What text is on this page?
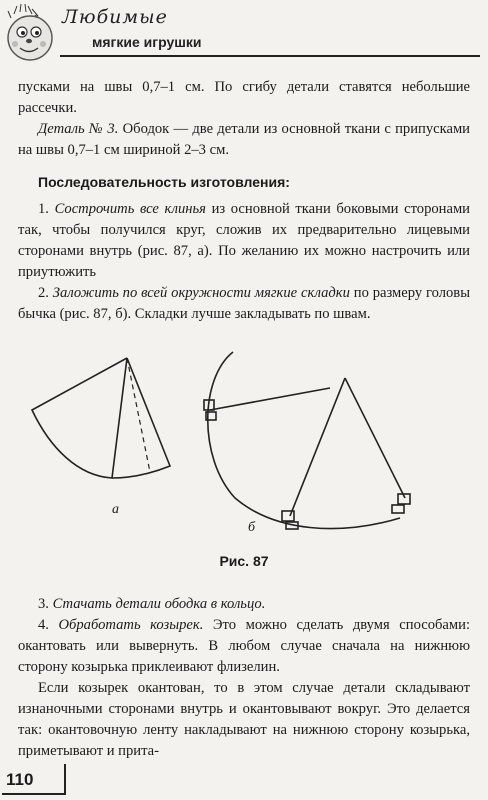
Любимые
мягкие игрушки

пусками на швы 0,7–1 см. По сгибу детали ставятся небольшие рассечки.

Деталь № 3. Ободок — две детали из основной ткани с припусками на швы 0,7–1 см шириной 2–3 см.

Последовательность изготовления:

1. Сострочить все клинья из основной ткани боковыми сторонами так, чтобы получился круг, сложив их предварительно лицевыми сторонами внутрь (рис. 87, а). По желанию их можно настрочить или приутюжить

2. Заложить по всей окружности мягкие складки по размеру головы бычка (рис. 87, б). Складки лучше закладывать по швам.

а
б
Рис. 87

3. Стачать детали ободка в кольцо.

4. Обработать козырек. Это можно сделать двумя способами: окантовать или вывернуть. В любом случае сначала на нижнюю сторону козырька приклеивают флизелин.

Если козырек окантован, то в этом случае детали складывают изнаночными сторонами внутрь и окантовывают вокруг. Это делается так: окантовочную ленту накладывают на нижнюю сторону козырька, приметывают и прита-

110
